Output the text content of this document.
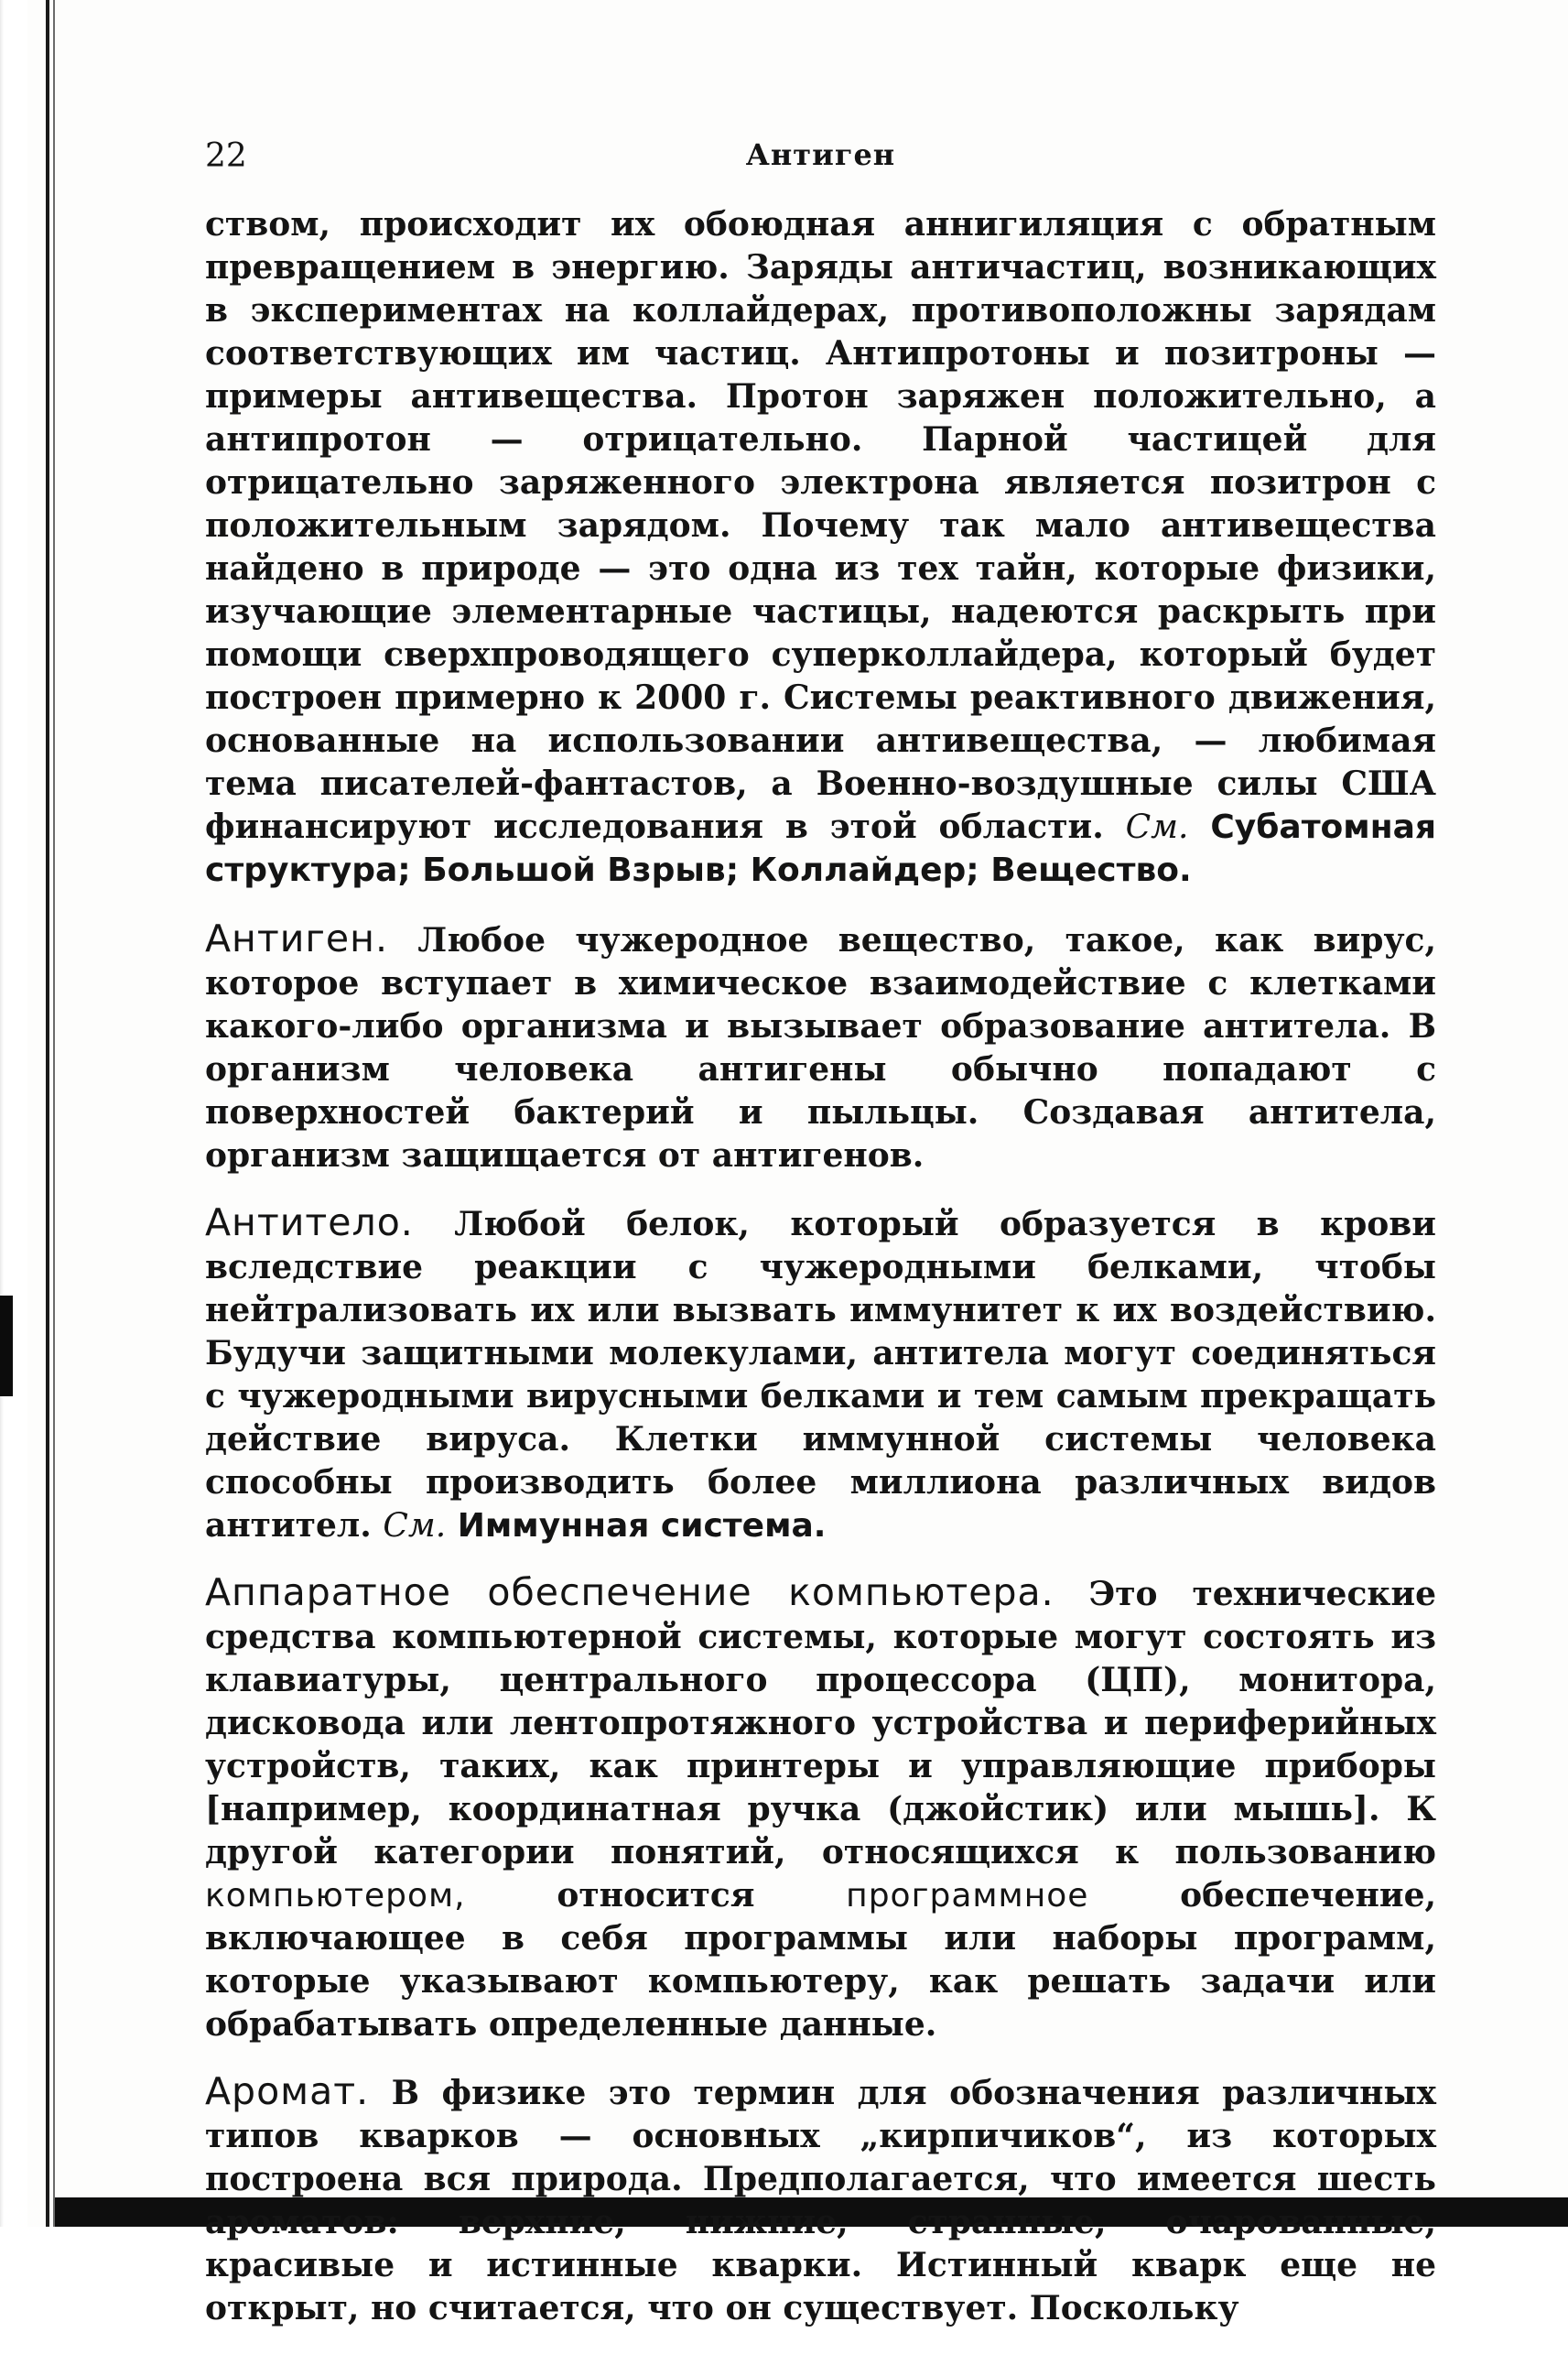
22	Антиген

ством, происходит их обоюдная аннигиляция с обратным превращением в энергию. Заряды античастиц, возникающих в экспериментах на коллайдерах, противоположны зарядам соответствующих им частиц. Антипротоны и позитроны — примеры антивещества. Протон заряжен положительно, а антипротон — отрицательно. Парной частицей для отрицательно заряженного электрона является позитрон с положительным зарядом. Почему так мало антивещества найдено в природе — это одна из тех тайн, которые физики, изучающие элементарные частицы, надеются раскрыть при помощи сверхпроводящего суперколлайдера, который будет построен примерно к 2000 г. Системы реактивного движения, основанные на использовании антивещества, — любимая тема писателей-фантастов, а Военно-воздушные силы США финансируют исследования в этой области. См. Субатомная структура; Большой Взрыв; Коллайдер; Вещество.

Антиген. Любое чужеродное вещество, такое, как вирус, которое вступает в химическое взаимодействие с клетками какого-либо организма и вызывает образование антитела. В организм человека антигены обычно попадают с поверхностей бактерий и пыльцы. Создавая антитела, организм защищается от антигенов.

Антитело. Любой белок, который образуется в крови вследствие реакции с чужеродными белками, чтобы нейтрализовать их или вызвать иммунитет к их воздействию. Будучи защитными молекулами, антитела могут соединяться с чужеродными вирусными белками и тем самым прекращать действие вируса. Клетки иммунной системы человека способны производить более миллиона различных видов антител. См. Иммунная система.

Аппаратное обеспечение компьютера. Это технические средства компьютерной системы, которые могут состоять из клавиатуры, центрального процессора (ЦП), монитора, дисковода или лентопротяжного устройства и периферийных устройств, таких, как принтеры и управляющие приборы [например, координатная ручка (джойстик) или мышь]. К другой категории понятий, относящихся к пользованию компьютером,	относится	программное	обеспечение, включающее в себя программы или наборы программ, которые указывают компьютеру, как решать задачи или обрабатывать определенные данные.

Аромат. В физике это термин для обозначения различных типов кварков — основных „кирпичиков“, из которых построена вся природа. Предполагается, что имеется шесть ароматов: верхние, нижние, странные, очарованные, красивые и истинные кварки. Истинный кварк еще не открыт, но считается, что он существует. Поскольку
